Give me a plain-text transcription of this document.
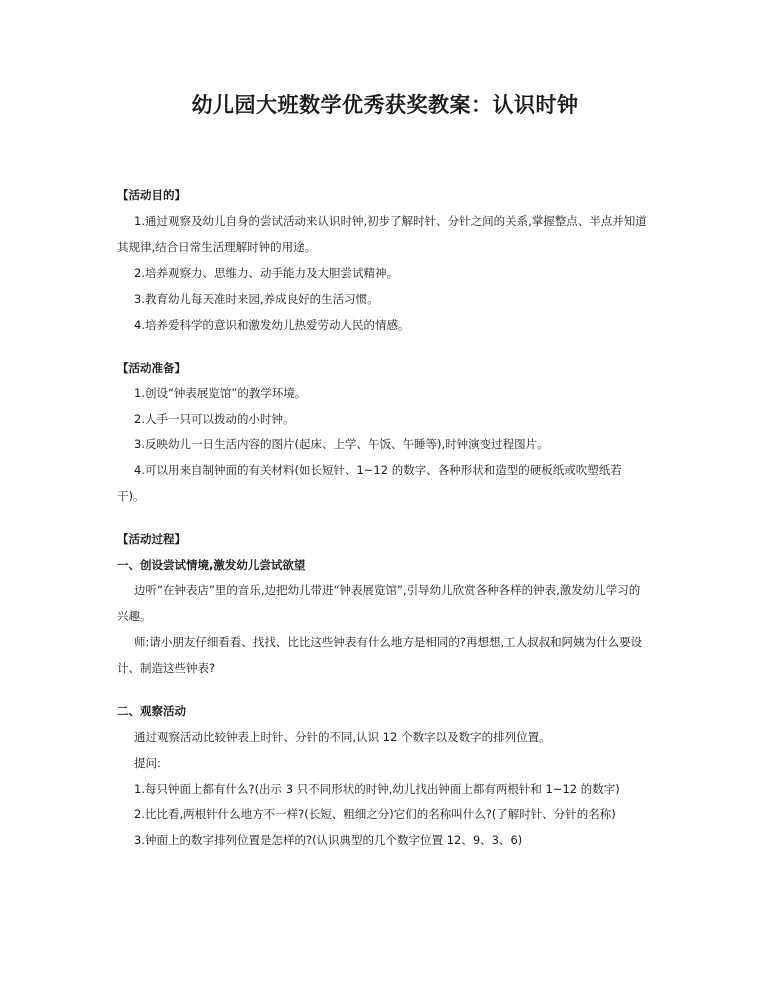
幼儿园大班数学优秀获奖教案：认识时钟
【活动目的】
1.通过观察及幼儿自身的尝试活动来认识时钟,初步了解时针、分针之间的关系,掌握整点、半点并知道
其规律,结合日常生活理解时钟的用途。
2.培养观察力、思维力、动手能力及大胆尝试精神。
3.教育幼儿每天准时来园,养成良好的生活习惯。
4.培养爱科学的意识和激发幼儿热爱劳动人民的情感。
【活动准备】
1.创设“钟表展览馆”的教学环境。
2.人手一只可以拨动的小时钟。
3.反映幼儿一日生活内容的图片(起床、上学、午饭、午睡等),时钟演变过程图片。
4.可以用来自制钟面的有关材料(如长短针、1~12 的数字、各种形状和造型的硬板纸或吹塑纸若
干)。
【活动过程】
一、创设尝试情境,激发幼儿尝试欲望
边听“在钟表店”里的音乐,边把幼儿带进“钟表展览馆”,引导幼儿欣赏各种各样的钟表,激发幼儿学习的
兴趣。
师:请小朋友仔细看看、找找、比比这些钟表有什么地方是相同的?再想想,工人叔叔和阿姨为什么要设
计、制造这些钟表?
二、观察活动
通过观察活动比较钟表上时针、分针的不同,认识 12 个数字以及数字的排列位置。
提问:
1.每只钟面上都有什么?(出示 3 只不同形状的时钟,幼儿找出钟面上都有两根针和 1~12 的数字)
2.比比看,两根针什么地方不一样?(长短、粗细之分)它们的名称叫什么?(了解时针、分针的名称)
3.钟面上的数字排列位置是怎样的?(认识典型的几个数字位置 12、9、3、6)
